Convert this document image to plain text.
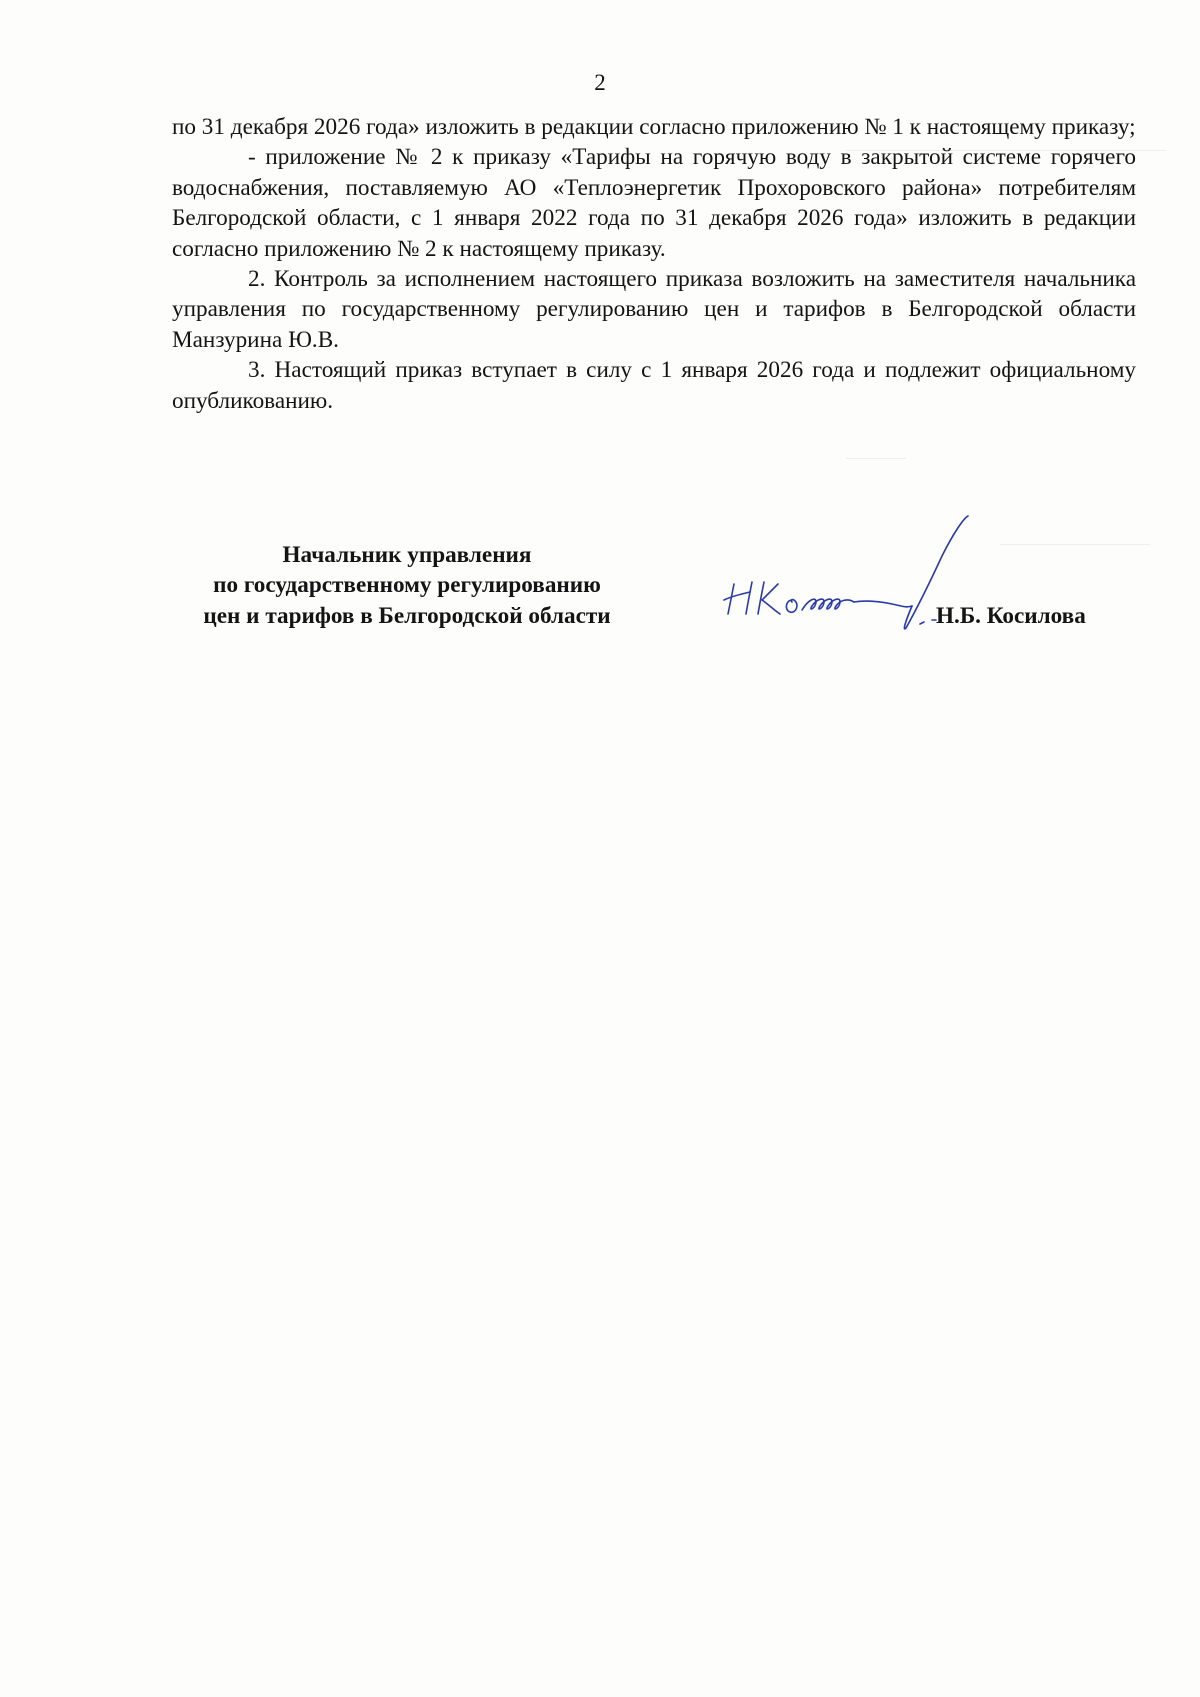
2

по 31 декабря 2026 года» изложить в редакции согласно приложению № 1 к настоящему приказу;

- приложение № 2 к приказу «Тарифы на горячую воду в закрытой системе горячего водоснабжения, поставляемую АО «Теплоэнергетик Прохоровского района» потребителям Белгородской области, с 1 января 2022 года по 31 декабря 2026 года» изложить в редакции согласно приложению № 2 к настоящему приказу.

2. Контроль за исполнением настоящего приказа возложить на заместителя начальника управления по государственному регулированию цен и тарифов в Белгородской области Манзурина Ю.В.

3. Настоящий приказ вступает в силу с 1 января 2026 года и подлежит официальному опубликованию.

Начальник управления
по государственному регулированию
цен и тарифов в Белгородской области	Н.Б. Косилова
